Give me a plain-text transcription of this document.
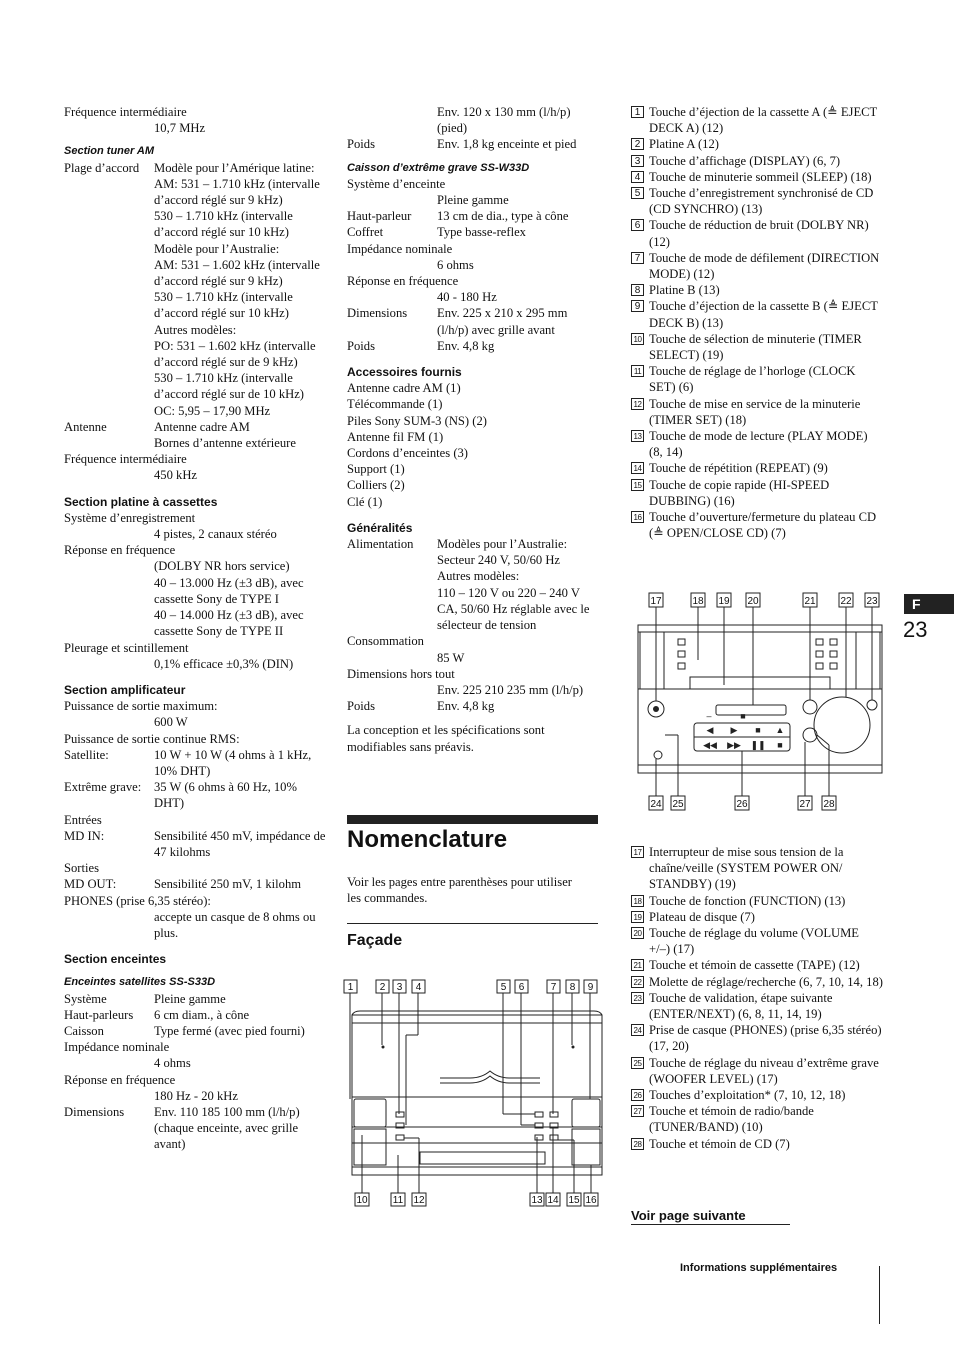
Fréquence intermédiaire
10,7 MHz
Section tuner AM
Plage d’accord	Modèle pour l’Amérique latine:
AM: 531 – 1.710 kHz (intervalle d’accord réglé sur 9 kHz)
530 – 1.710 kHz (intervalle d’accord réglé sur 10 kHz)
Modèle pour l’Australie:
AM: 531 – 1.602 kHz (intervalle d’accord réglé sur 9 kHz)
530 – 1.710 kHz (intervalle d’accord réglé sur 10 kHz)
Autres modèles:
PO: 531 – 1.602 kHz (intervalle d’accord réglé sur de 9 kHz)
530 – 1.710 kHz (intervalle d’accord réglé sur de 10 kHz)
OC: 5,95 – 17,90 MHz
Antenne	Antenne cadre AM
Bornes d’antenne extérieure
Fréquence intermédiaire
450 kHz
Section platine à cassettes
Système d’enregistrement
4 pistes, 2 canaux stéréo
Réponse en fréquence
(DOLBY NR hors service)
40 – 13.000 Hz (±3 dB), avec cassette Sony de TYPE I
40 – 14.000 Hz (±3 dB), avec cassette Sony de TYPE II
Pleurage et scintillement
0,1% efficace ±0,3% (DIN)
Section amplificateur
Puissance de sortie maximum:
600 W
Puissance de sortie continue RMS:
Satellite:	10 W + 10 W (4 ohms à 1 kHz, 10% DHT)
Extrême grave:	35 W (6 ohms à 60 Hz, 10% DHT)
Entrées
MD IN:	Sensibilité 450 mV, impédance de 47 kilohms
Sorties
MD OUT:	Sensibilité 250 mV, 1 kilohm
PHONES (prise 6,35 stéréo):
accepte un casque de 8 ohms ou plus.
Section enceintes
Enceintes satellites SS-S33D
Système	Pleine gamme
Haut-parleurs	6 cm diam., à cône
Caisson	Type fermé (avec pied fourni)
Impédance nominale
4 ohms
Réponse en fréquence
180 Hz - 20 kHz
Dimensions	Env. 110 185 100 mm (l/h/p) (chaque enceinte, avec grille avant)
Env. 120 x 130 mm (l/h/p) (pied)
Poids	Env. 1,8 kg enceinte et pied
Caisson d’extrême grave SS-W33D
Système d’enceinte
Pleine gamme
Haut-parleur	13 cm de dia., type à cône
Coffret	Type basse-reflex
Impédance nominale
6 ohms
Réponse en fréquence
40 - 180 Hz
Dimensions	Env. 225 x 210 x 295 mm (l/h/p) avec grille avant
Poids	Env. 4,8 kg
Accessoires fournis
Antenne cadre AM (1)
Télécommande (1)
Piles Sony SUM-3 (NS) (2)
Antenne fil FM (1)
Cordons d’enceintes (3)
Support (1)
Colliers (2)
Clé (1)
Généralités
Alimentation	Modèles pour l’Australie: Secteur 240 V, 50/60 Hz
Autres modèles:
110 – 120 V ou 220 – 240 V CA, 50/60 Hz réglable avec le sélecteur de tension
Consommation
85 W
Dimensions hors tout
Env. 225 210 235 mm (l/h/p)
Poids	Env. 4,8 kg
La conception et les spécifications sont modifiables sans préavis.
Nomenclature
Voir les pages entre parenthèses pour utiliser les commandes.
Façade
1	2 3 4	5 6	7 8 9
10	11 12	13 14 15 16
1 Touche d’éjection de la cassette A (≜ EJECT DECK A) (12)
2 Platine A (12)
3 Touche d’affichage (DISPLAY) (6, 7)
4 Touche de minuterie sommeil (SLEEP) (18)
5 Touche d’enregistrement synchronisé de CD (CD SYNCHRO) (13)
6 Touche de réduction de bruit (DOLBY NR) (12)
7 Touche de mode de défilement (DIRECTION MODE) (12)
8 Platine B (13)
9 Touche d’éjection de la cassette B (≜ EJECT DECK B) (13)
10 Touche de sélection de minuterie (TIMER SELECT) (19)
11 Touche de réglage de l’horloge (CLOCK SET) (6)
12 Touche de mise en service de la minuterie (TIMER SET) (18)
13 Touche de mode de lecture (PLAY MODE) (8, 14)
14 Touche de répétition (REPEAT) (9)
15 Touche de copie rapide (HI-SPEED DUBBING) (16)
16 Touche d’ouverture/fermeture du plateau CD (≜ OPEN/CLOSE CD) (7)
–	■
◀ ▶ ■ ▲
◀◀ ▶▶ ❚❚ ■
17	18 19 20	21 22 23
24 25	26	27 28
17 Interrupteur de mise sous tension de la chaîne/veille (SYSTEM POWER ON/ STANDBY) (19)
18 Touche de fonction (FUNCTION) (13)
19 Plateau de disque (7)
20 Touche de réglage du volume (VOLUME +/–) (17)
21 Touche et témoin de cassette (TAPE) (12)
22 Molette de réglage/recherche (6, 7, 10, 14, 18)
23 Touche de validation, étape suivante (ENTER/NEXT) (6, 8, 11, 14, 19)
24 Prise de casque (PHONES) (prise 6,35 stéréo) (17, 20)
25 Touche de réglage du niveau d’extrême grave (WOOFER LEVEL) (17)
26 Touches d’exploitation* (7, 10, 12, 18)
27 Touche et témoin de radio/bande (TUNER/BAND) (10)
28 Touche et témoin de CD (7)
Voir page suivante
F
23
Informations supplémentaires
